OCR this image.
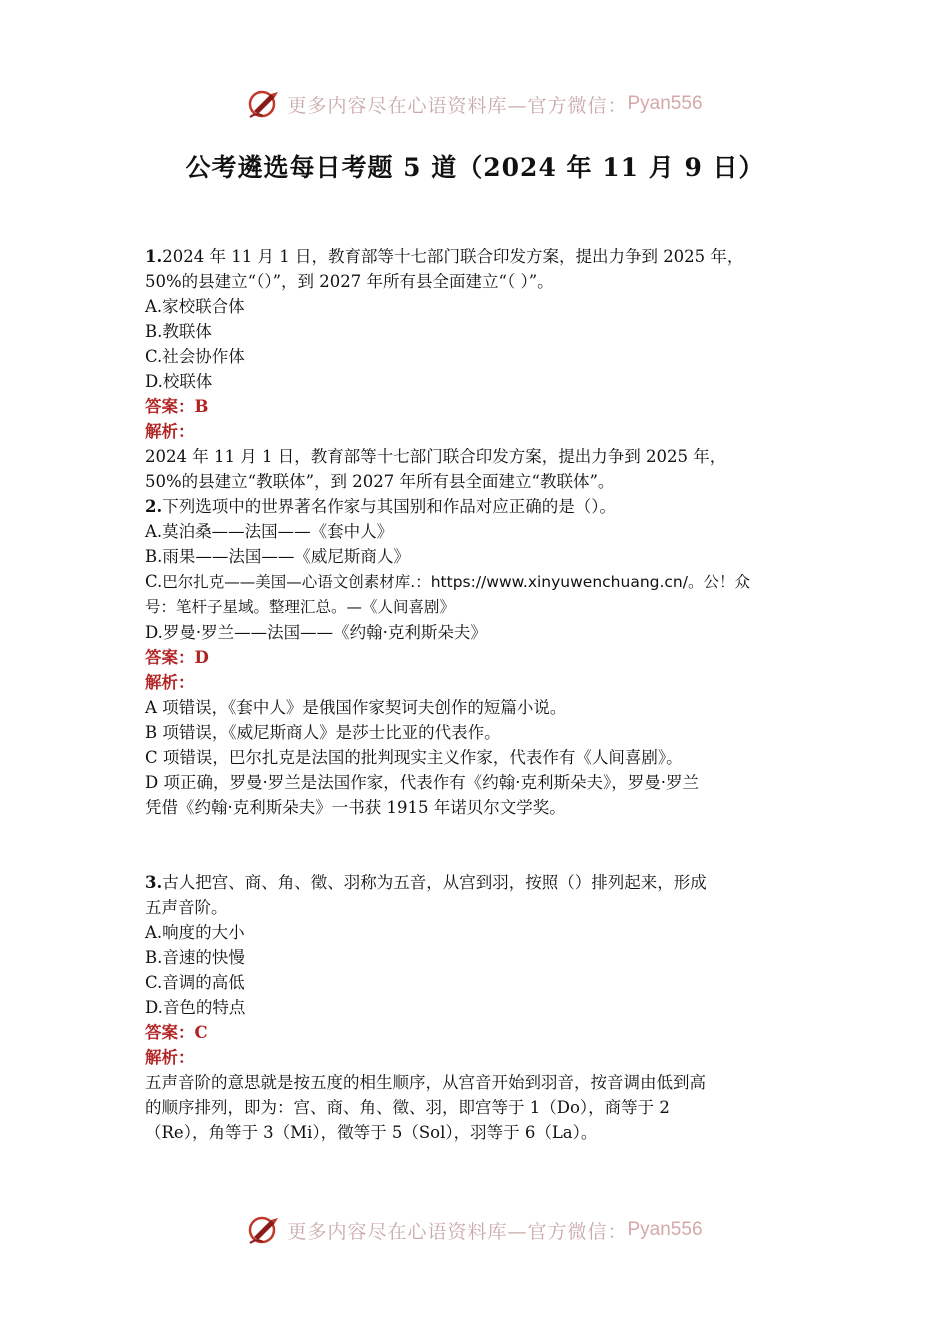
更多内容尽在心语资料库—官方微信： Pyan556
公考遴选每日考题 5 道（2024 年 11 月 9 日）
1.2024 年 11 月 1 日，教育部等十七部门联合印发方案，提出力争到 2025 年，
50%的县建立“（）”，到 2027 年所有县全面建立“（ ）”。
A.家校联合体
B.教联体
C.社会协作体
D.校联体
答案：B
解析：
2024 年 11 月 1 日，教育部等十七部门联合印发方案，提出力争到 2025 年，
50%的县建立“教联体”，到 2027 年所有县全面建立“教联体”。
2.下列选项中的世界著名作家与其国别和作品对应正确的是（）。
A.莫泊桑——法国——《套中人》
B.雨果——法国——《威尼斯商人》
C.巴尔扎克——美国—心语文创素材库.：https://www.xinyuwenchuang.cn/。公！众
号：笔杆子星域。整理汇总。—《人间喜剧》
D.罗曼·罗兰——法国——《约翰·克利斯朵夫》
答案：D
解析：
A 项错误，《套中人》是俄国作家契诃夫创作的短篇小说。
B 项错误，《威尼斯商人》是莎士比亚的代表作。
C 项错误，巴尔扎克是法国的批判现实主义作家，代表作有《人间喜剧》。
D 项正确，罗曼·罗兰是法国作家，代表作有《约翰·克利斯朵夫》，罗曼·罗兰
凭借《约翰·克利斯朵夫》一书获 1915 年诺贝尔文学奖。
3.古人把宫、商、角、徵、羽称为五音，从宫到羽，按照（）排列起来，形成
五声音阶。
A.响度的大小
B.音速的快慢
C.音调的高低
D.音色的特点
答案：C
解析：
五声音阶的意思就是按五度的相生顺序，从宫音开始到羽音，按音调由低到高
的顺序排列，即为：宫、商、角、徵、羽，即宫等于 1（Do），商等于 2
（Re），角等于 3（Mi），徵等于 5（Sol），羽等于 6（La）。
更多内容尽在心语资料库—官方微信： Pyan556
